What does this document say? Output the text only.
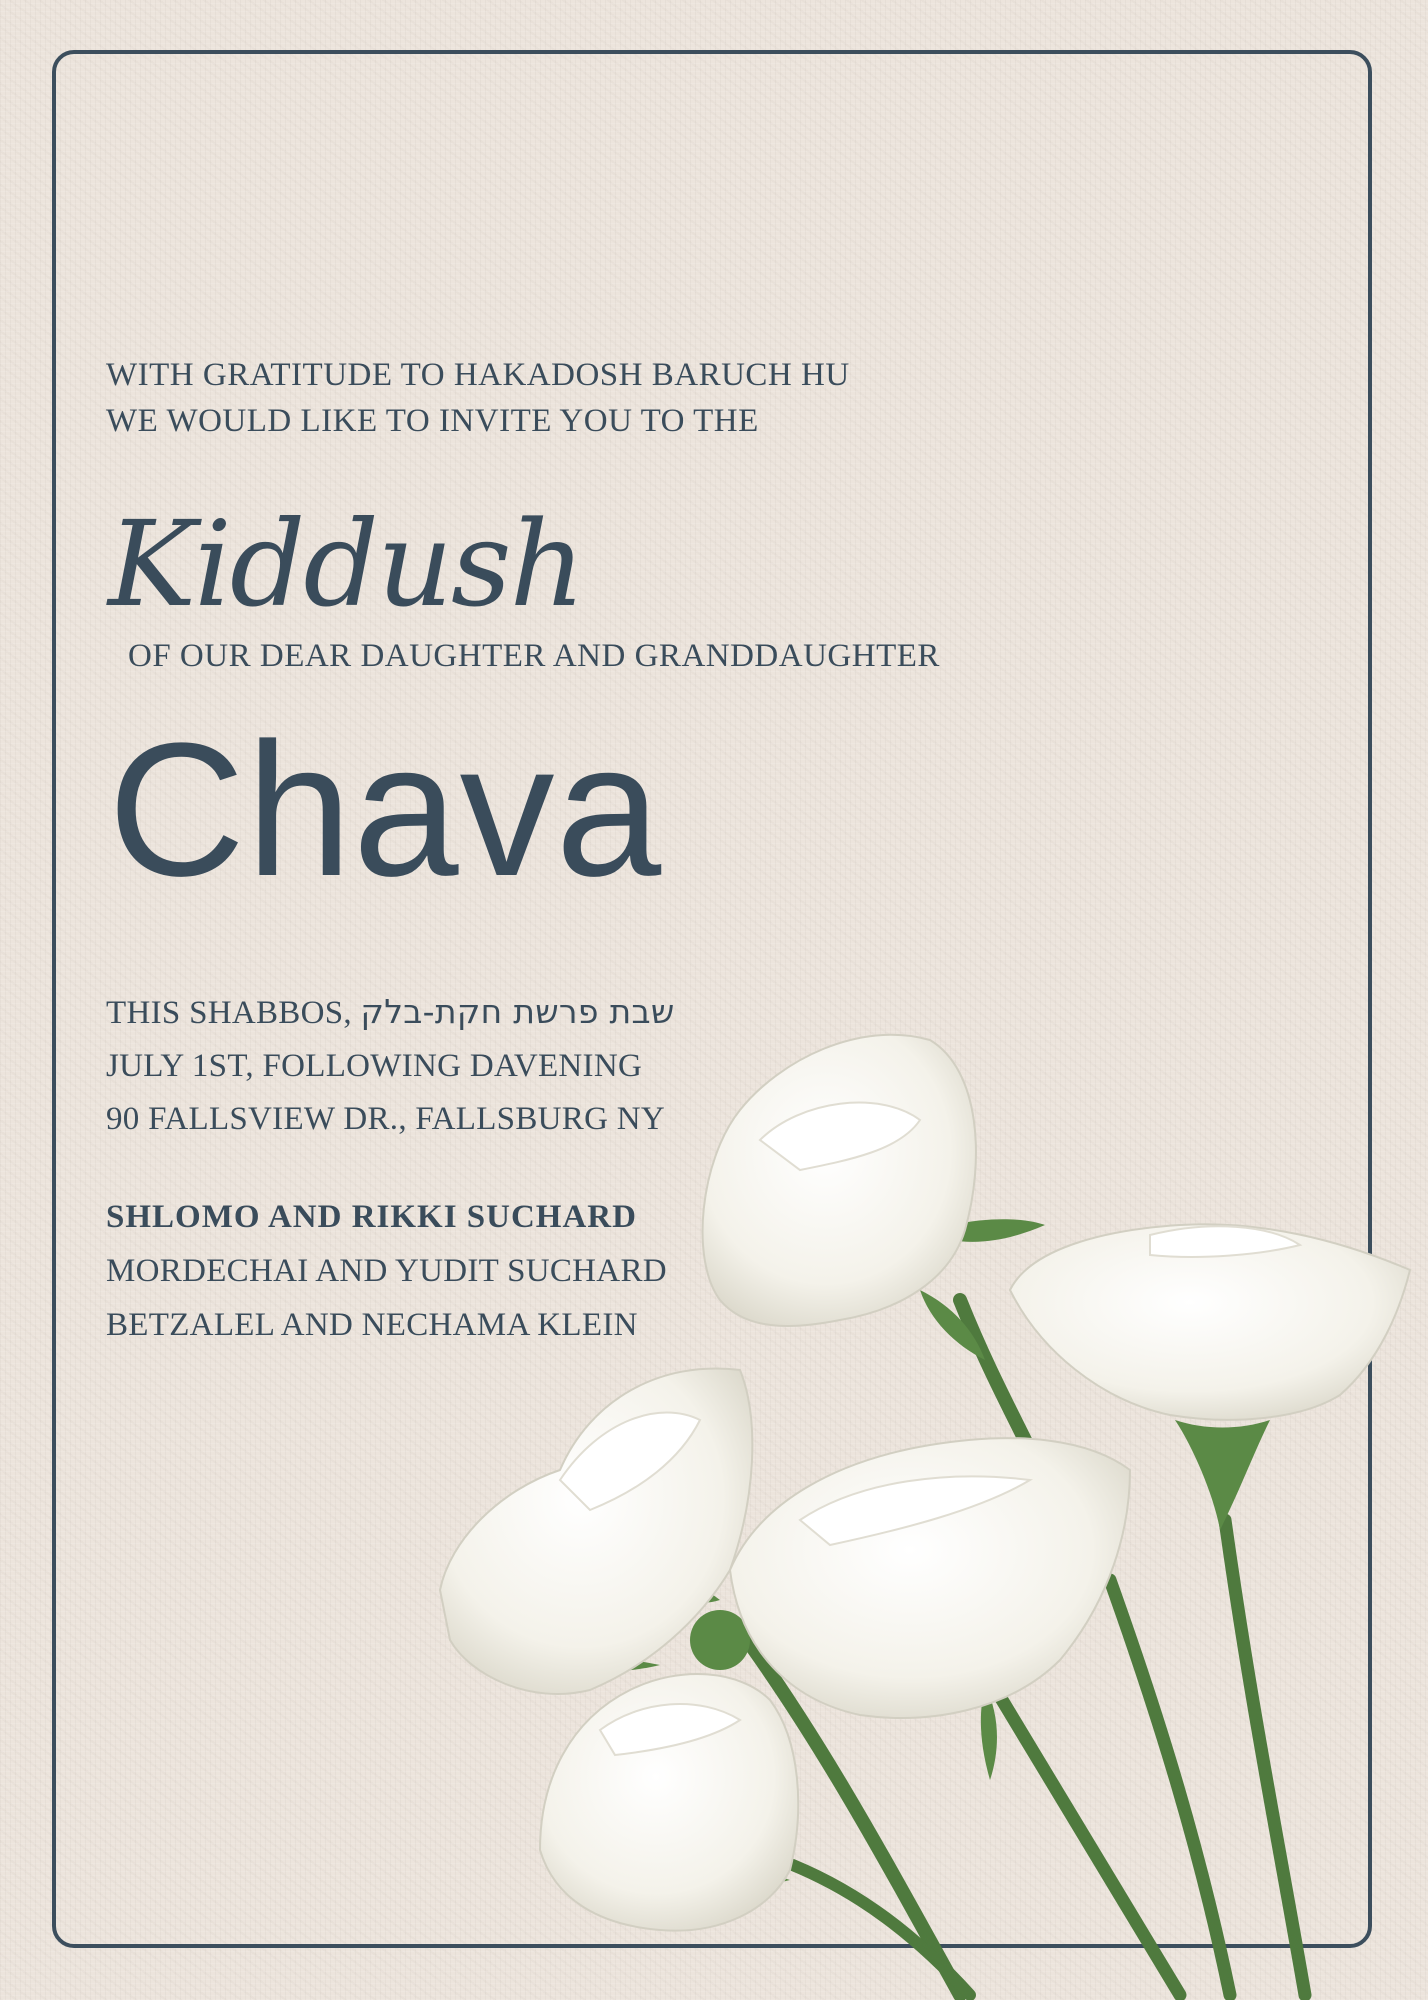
WITH GRATITUDE TO HAKADOSH BARUCH HU
WE WOULD LIKE TO INVITE YOU TO THE
Kiddush
OF OUR DEAR DAUGHTER AND GRANDDAUGHTER
Chava
THIS SHABBOS, שבת פרשת חקת-בלק
JULY 1ST, FOLLOWING DAVENING
90 FALLSVIEW DR., FALLSBURG NY
SHLOMO AND RIKKI SUCHARD
MORDECHAI AND YUDIT SUCHARD
BETZALEL AND NECHAMA KLEIN
